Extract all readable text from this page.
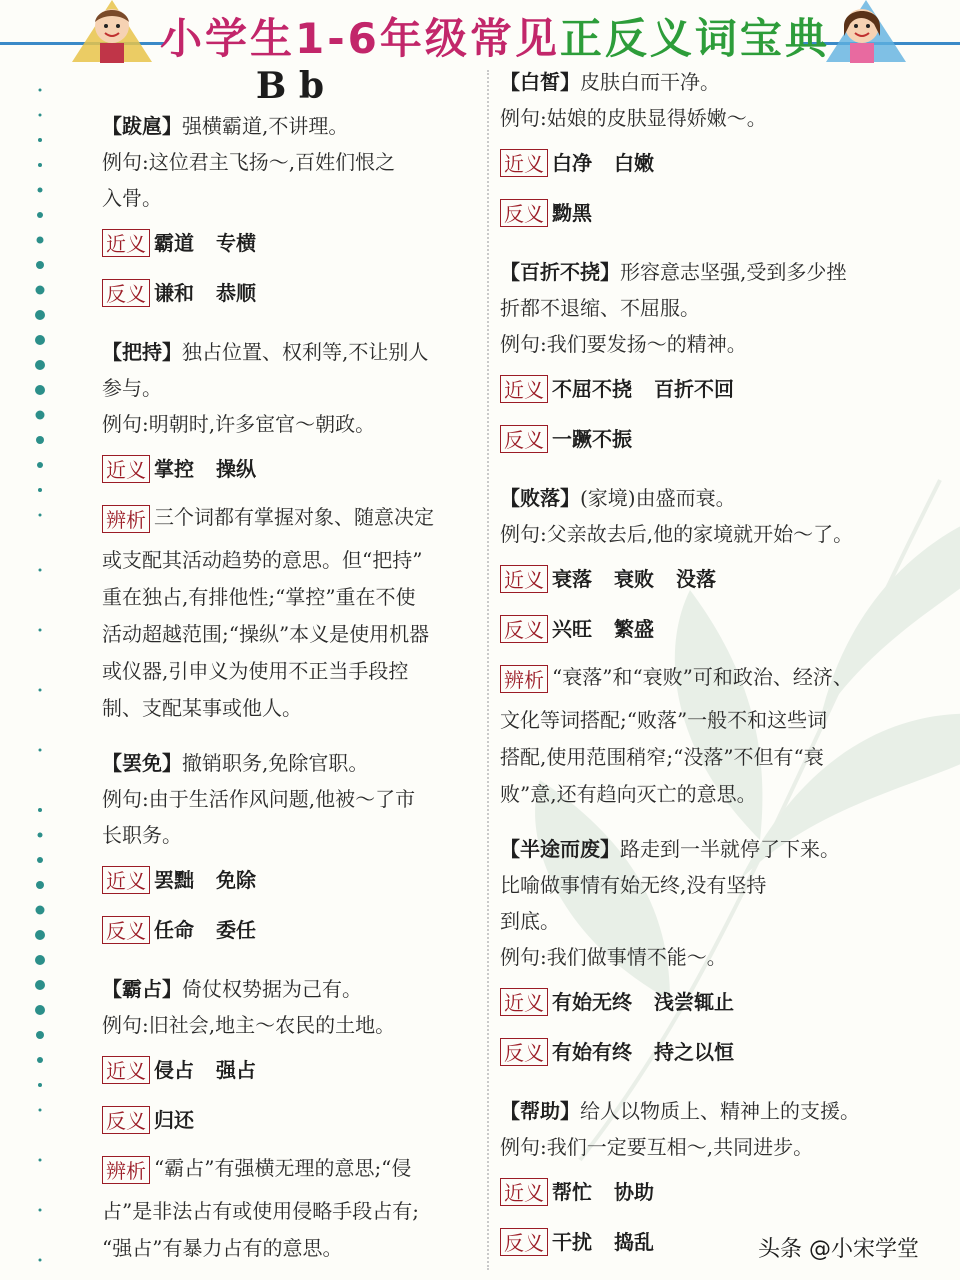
小学生1-6年级常见正反义词宝典
B b
【跋扈】强横霸道,不讲理。
例句:这位君主飞扬～,百姓们恨之
入骨。
近义 霸道 专横
反义 谦和 恭顺
【把持】独占位置、权利等,不让别人
参与。
例句:明朝时,许多宦官～朝政。
近义 掌控 操纵
辨析 三个词都有掌握对象、随意决定
或支配其活动趋势的意思。但“把持”
重在独占,有排他性;“掌控”重在不使
活动超越范围;“操纵”本义是使用机器
或仪器,引申义为使用不正当手段控
制、支配某事或他人。
【罢免】撤销职务,免除官职。
例句:由于生活作风问题,他被～了市
长职务。
近义 罢黜 免除
反义 任命 委任
【霸占】倚仗权势据为己有。
例句:旧社会,地主～农民的土地。
近义 侵占 强占
反义 归还
辨析 “霸占”有强横无理的意思;“侵
占”是非法占有或使用侵略手段占有;
“强占”有暴力占有的意思。
【白皙】皮肤白而干净。
例句:姑娘的皮肤显得娇嫩～。
近义 白净 白嫩
反义 黝黑
【百折不挠】形容意志坚强,受到多少挫
折都不退缩、不屈服。
例句:我们要发扬～的精神。
近义 不屈不挠 百折不回
反义 一蹶不振
【败落】(家境)由盛而衰。
例句:父亲故去后,他的家境就开始～了。
近义 衰落 衰败 没落
反义 兴旺 繁盛
辨析 “衰落”和“衰败”可和政治、经济、
文化等词搭配;“败落”一般不和这些词
搭配,使用范围稍窄;“没落”不但有“衰
败”意,还有趋向灭亡的意思。
【半途而废】路走到一半就停了下来。
比喻做事情有始无终,没有坚持
到底。
例句:我们做事情不能～。
近义 有始无终 浅尝辄止
反义 有始有终 持之以恒
【帮助】给人以物质上、精神上的支援。
例句:我们一定要互相～,共同进步。
近义 帮忙 协助
反义 干扰 捣乱	头条 @小宋学堂
